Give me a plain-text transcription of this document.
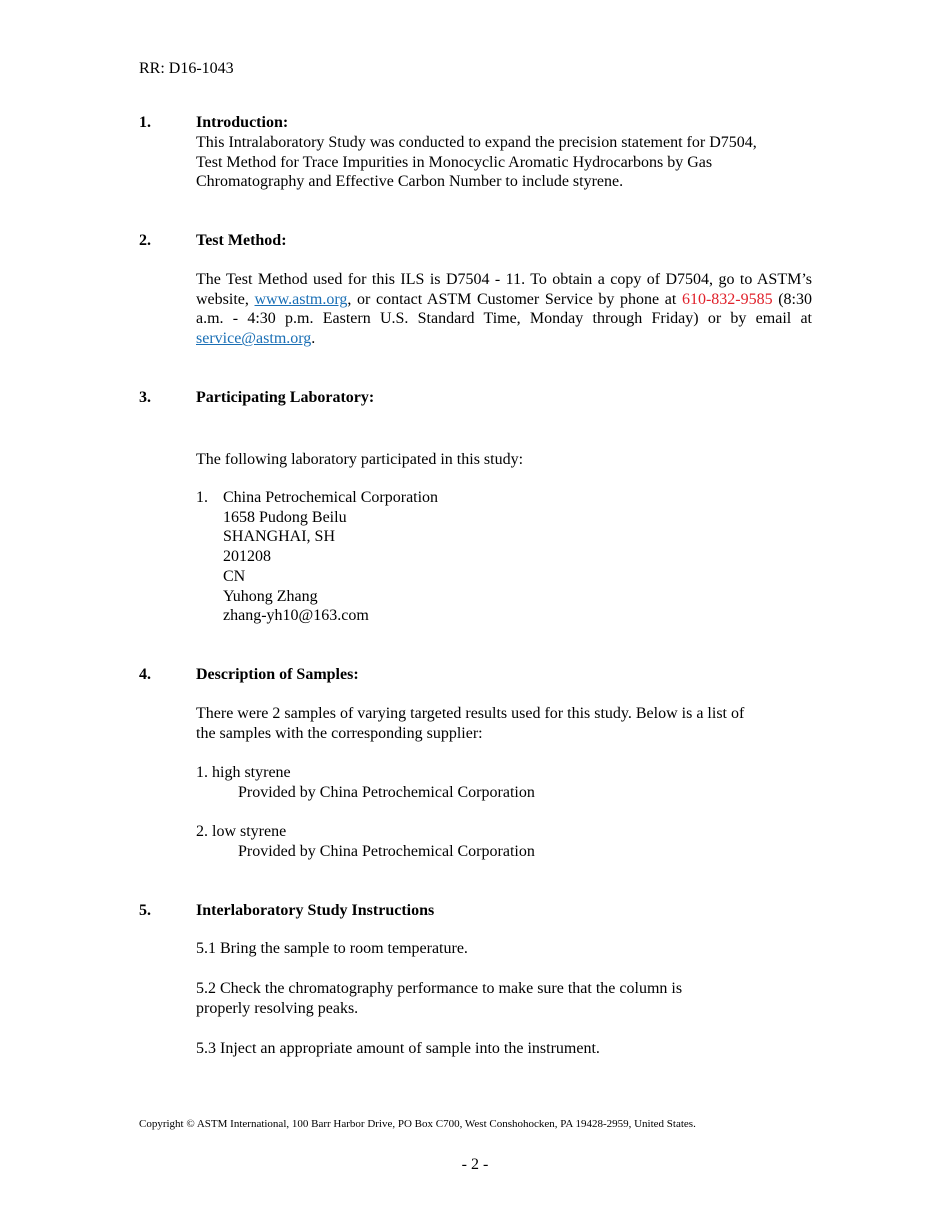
RR: D16-1043
1.	Introduction:
This Intralaboratory Study was conducted to expand the precision statement for D7504,
Test Method for Trace Impurities in Monocyclic Aromatic Hydrocarbons by Gas
Chromatography and Effective Carbon Number to include styrene.
2.	Test Method:
The Test Method used for this ILS is D7504 - 11. To obtain a copy of D7504, go to ASTM’s website, www.astm.org, or contact ASTM Customer Service by phone at 610-832-9585 (8:30 a.m. - 4:30 p.m. Eastern U.S. Standard Time, Monday through Friday) or by email at service@astm.org.
3.	Participating Laboratory:
The following laboratory participated in this study:
1. China Petrochemical Corporation
1658 Pudong Beilu
SHANGHAI, SH
201208
CN
Yuhong Zhang
zhang-yh10@163.com
4.	Description of Samples:
There were 2 samples of varying targeted results used for this study. Below is a list of
the samples with the corresponding supplier:
1. high styrene
Provided by China Petrochemical Corporation
2. low styrene
Provided by China Petrochemical Corporation
5.	Interlaboratory Study Instructions
5.1 Bring the sample to room temperature.
5.2 Check the chromatography performance to make sure that the column is
properly resolving peaks.
5.3 Inject an appropriate amount of sample into the instrument.
Copyright © ASTM International, 100 Barr Harbor Drive, PO Box C700, West Conshohocken, PA 19428-2959, United States.
- 2 -
